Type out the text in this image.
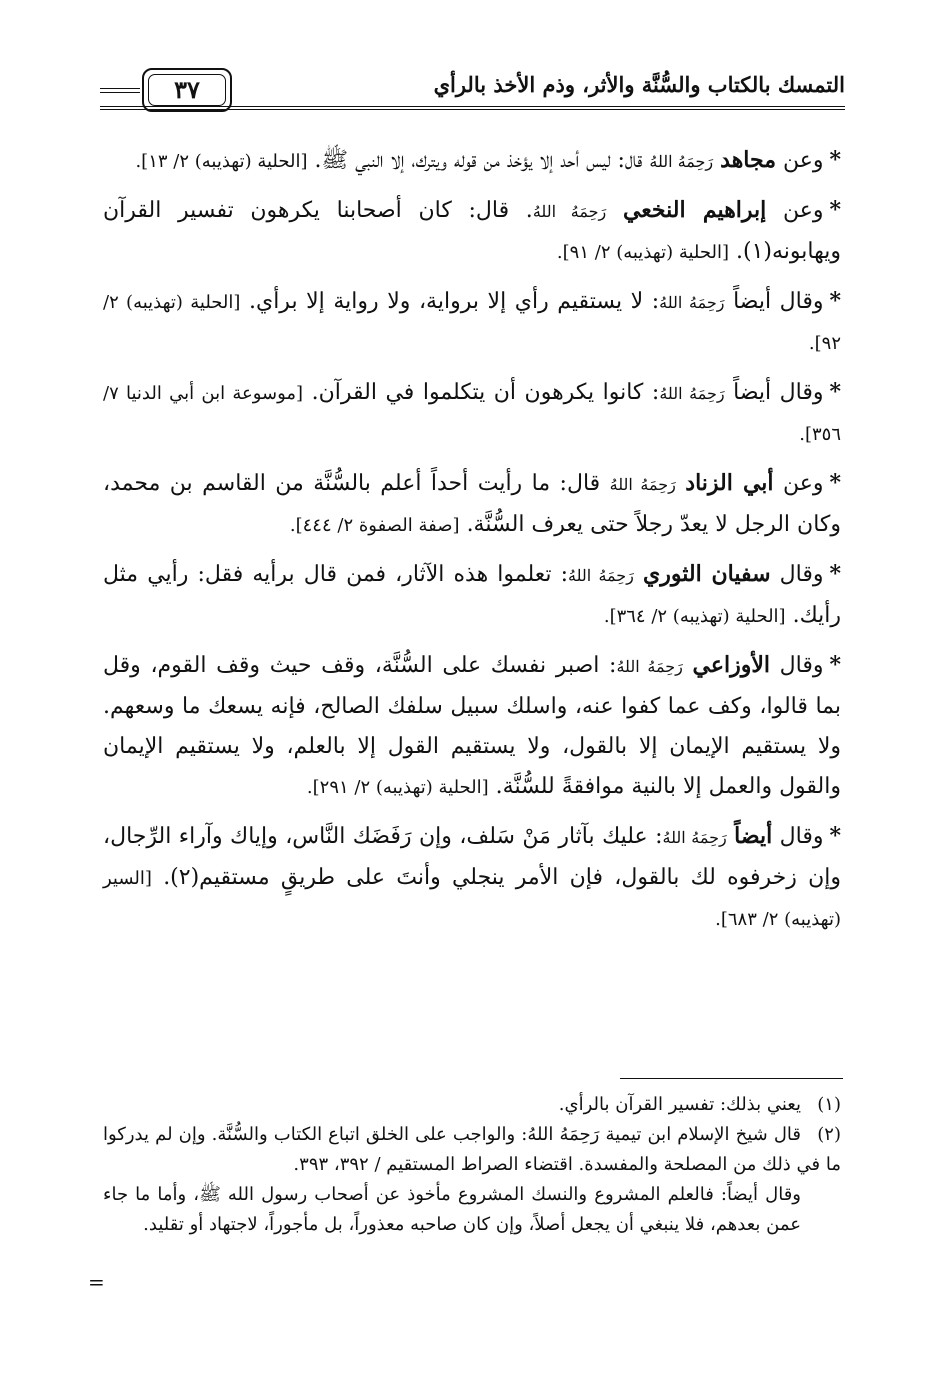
٣٧	التمسك بالكتاب والسُّنَّة والأثر، وذم الأخذ بالرأي

*وعن مجاهد رَحِمَهُ اللهُ قال: ليس أحد إلا يؤخذ من قوله ويترك، إلا النبي ﷺ. [الحلية (تهذيبه) ٢/ ١٣].

*وعن إبراهيم النخعي رَحِمَهُ اللهُ. قال: كان أصحابنا يكرهون تفسير القرآن ويهابونه(١). [الحلية (تهذيبه) ٢/ ٩١].

*وقال أيضاً رَحِمَهُ اللهُ: لا يستقيم رأي إلا برواية، ولا رواية إلا برأي. [الحلية (تهذيبه) ٢/ ٩٢].

*وقال أيضاً رَحِمَهُ اللهُ: كانوا يكرهون أن يتكلموا في القرآن. [موسوعة ابن أبي الدنيا ٧/ ٣٥٦].

*وعن أبي الزناد رَحِمَهُ اللهُ قال: ما رأيت أحداً أعلم بالسُّنَّة من القاسم بن محمد، وكان الرجل لا يعدّ رجلاً حتى يعرف السُّنَّة. [صفة الصفوة ٢/ ٤٤٤].

*وقال سفيان الثوري رَحِمَهُ اللهُ: تعلموا هذه الآثار، فمن قال برأيه فقل: رأيي مثل رأيك. [الحلية (تهذيبه) ٢/ ٣٦٤].

*وقال الأوزاعي رَحِمَهُ اللهُ: اصبر نفسك على السُّنَّة، وقف حيث وقف القوم، وقل بما قالوا، وكف عما كفوا عنه، واسلك سبيل سلفك الصالح، فإنه يسعك ما وسعهم. ولا يستقيم الإيمان إلا بالقول، ولا يستقيم القول إلا بالعلم، ولا يستقيم الإيمان والقول والعمل إلا بالنية موافقةً للسُّنَّة. [الحلية (تهذيبه) ٢/ ٢٩١].

*وقال أيضاً رَحِمَهُ اللهُ: عليك بآثار مَنْ سَلف، وإن رَفَضَك النَّاس، وإياك وآراء الرِّجال، وإن زخرفوه لك بالقول، فإن الأمر ينجلي وأنتَ على طريقٍ مستقيم(٢). [السير (تهذيبه) ٢/ ٦٨٣].

(١)يعني بذلك: تفسير القرآن بالرأي.

(٢)قال شيخ الإسلام ابن تيمية رَحِمَهُ اللهُ: والواجب على الخلق اتباع الكتاب والسُّنَّة. وإن لم يدركوا ما في ذلك من المصلحة والمفسدة. اقتضاء الصراط المستقيم / ٣٩٢، ٣٩٣.

وقال أيضاً: فالعلم المشروع والنسك المشروع مأخوذ عن أصحاب رسول الله ﷺ، وأما ما جاء عمن بعدهم، فلا ينبغي أن يجعل أصلاً، وإن كان صاحبه معذوراً، بل مأجوراً، لاجتهاد أو تقليد.

=
